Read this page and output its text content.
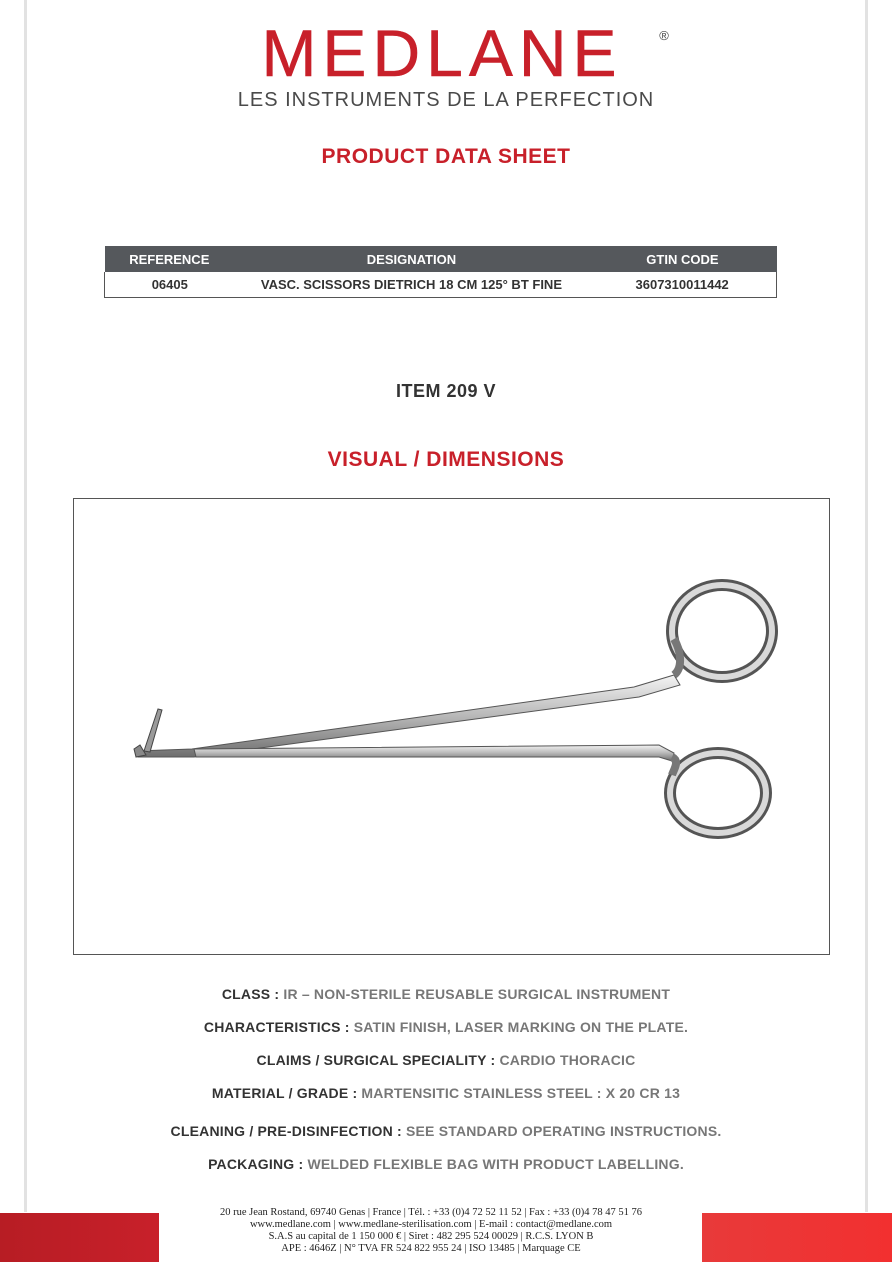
MEDLANE	®
LES INSTRUMENTS DE LA PERFECTION
PRODUCT DATA SHEET
REFERENCE	DESIGNATION	GTIN CODE
06405	VASC. SCISSORS DIETRICH 18 CM 125° BT FINE	3607310011442
ITEM 209 V
VISUAL / DIMENSIONS
CLASS : IR – NON-STERILE REUSABLE SURGICAL INSTRUMENT
CHARACTERISTICS : SATIN FINISH, LASER MARKING ON THE PLATE.
CLAIMS / SURGICAL SPECIALITY : CARDIO THORACIC
MATERIAL / GRADE : MARTENSITIC STAINLESS STEEL : X 20 CR 13
CLEANING / PRE-DISINFECTION : SEE STANDARD OPERATING INSTRUCTIONS.
PACKAGING : WELDED FLEXIBLE BAG WITH PRODUCT LABELLING.
20 rue Jean Rostand, 69740 Genas | France | Tél. : +33 (0)4 72 52 11 52 | Fax : +33 (0)4 78 47 51 76
www.medlane.com | www.medlane-sterilisation.com | E-mail : contact@medlane.com
S.A.S au capital de 1 150 000 € | Siret : 482 295 524 00029 | R.C.S. LYON B
APE : 4646Z | N° TVA FR 524 822 955 24 | ISO 13485 | Marquage CE
